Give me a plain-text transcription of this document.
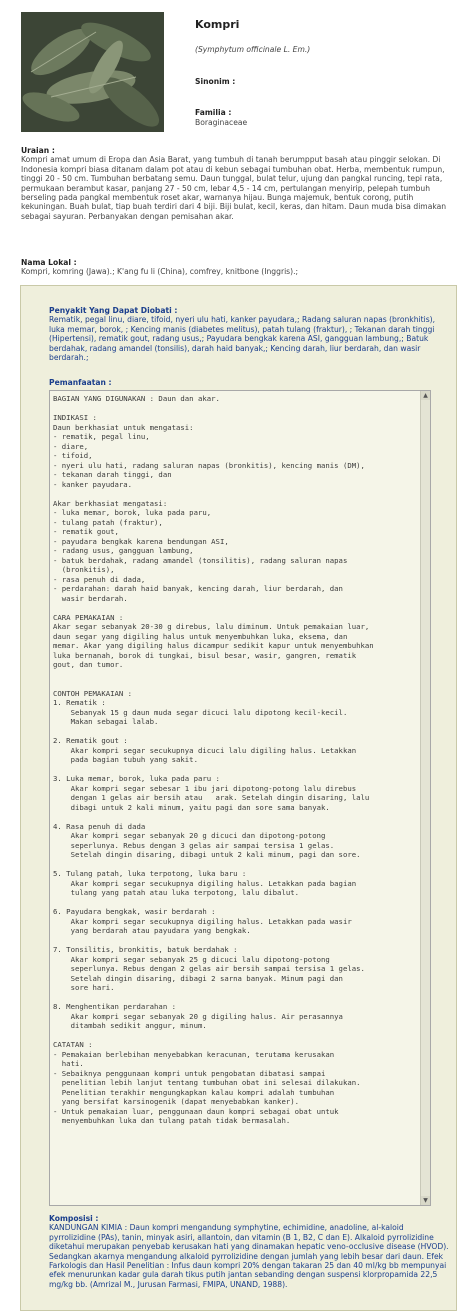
Kompri
(Symphytum officinale L. Em.)
Sinonim :
Familia :
Boraginaceae
Uraian :

Kompri amat umum di Eropa dan Asia Barat, yang tumbuh di tanah berumpput basah atau pinggir selokan. Di Indonesia kompri biasa ditanam dalam pot atau di kebun sebagai tumbuhan obat. Herba, membentuk rumpun, tinggi 20 - 50 cm. Tumbuhan berbatang semu. Daun tunggal, bulat telur, ujung dan pangkal runcing, tepi rata, permukaan berambut kasar, panjang 27 - 50 cm, lebar 4,5 - 14 cm, pertulangan menyirip, pelepah tumbuh berseling pada pangkal membentuk roset akar, warnanya hijau. Bunga majemuk, bentuk corong, putih kekuningan. Buah bulat, tiap buah terdiri dari 4 biji. Biji bulat, kecil, keras, dan hitam. Daun muda bisa dimakan sebagai sayuran. Perbanyakan dengan pemisahan akar.

Nama Lokal :

Kompri, komring (Jawa).; K'ang fu li (China), comfrey, knitbone (Inggris).;

Penyakit Yang Dapat Diobati :

Rematik, pegal linu, diare, tifoid, nyeri ulu hati, kanker payudara,; Radang saluran napas (bronkhitis), luka memar, borok, ; Kencing manis (diabetes melitus), patah tulang (fraktur), ; Tekanan darah tinggi (Hipertensi), rematik gout, radang usus,; Payudara bengkak karena ASI, gangguan lambung,; Batuk berdahak, radang amandel (tonsilis), darah haid banyak,; Kencing darah, liur berdarah, dan wasir berdarah.;

Pemanfaatan :
BAGIAN YANG DIGUNAKAN : Daun dan akar.

INDIKASI :
Daun berkhasiat untuk mengatasi:
- rematik, pegal linu,
- diare,
- tifoid,
- nyeri ulu hati, radang saluran napas (bronkitis), kencing manis (DM),
- tekanan darah tinggi, dan
- kanker payudara.

Akar berkhasiat mengatasi:
- luka memar, borok, luka pada paru,
- tulang patah (fraktur),
- rematik gout,
- payudara bengkak karena bendungan ASI,
- radang usus, gangguan lambung,
- batuk berdahak, radang amandel (tonsilitis), radang saluran napas
(bronkitis),
- rasa penuh di dada,
- perdarahan: darah haid banyak, kencing darah, liur berdarah, dan
wasir berdarah.

CARA PEMAKAIAN :
Akar segar sebanyak 20-30 g direbus, lalu diminum. Untuk pemakaian luar,
daun segar yang digiling halus untuk menyembuhkan luka, eksema, dan
memar. Akar yang digiling halus dicampur sedikit kapur untuk menyembuhkan
luka bernanah, borok di tungkai, bisul besar, wasir, gangren, rematik
gout, dan tumor.

CONTOH PEMAKAIAN :
1. Rematik :
Sebanyak 15 g daun muda segar dicuci lalu dipotong kecil-kecil.
Makan sebagai lalab.

2. Rematik gout :
Akar kompri segar secukupnya dicuci lalu digiling halus. Letakkan
pada bagian tubuh yang sakit.

3. Luka memar, borok, luka pada paru :
Akar kompri segar sebesar 1 ibu jari dipotong-potong lalu direbus
dengan 1 gelas air bersih atau   arak. Setelah dingin disaring, lalu
dibagi untuk 2 kali minum, yaitu pagi dan sore sama banyak.

4. Rasa penuh di dada
Akar kompri segar sebanyak 20 g dicuci dan dipotong-potong
seperlunya. Rebus dengan 3 gelas air sampai tersisa 1 gelas.
Setelah dingin disaring, dibagi untuk 2 kali minum, pagi dan sore.

5. Tulang patah, luka terpotong, luka baru :
Akar kompri segar secukupnya digiling halus. Letakkan pada bagian
tulang yang patah atau luka terpotong, lalu dibalut.

6. Payudara bengkak, wasir berdarah :
Akar kompri segar secukupnya digiling halus. Letakkan pada wasir
yang berdarah atau payudara yang bengkak.

7. Tonsilitis, bronkitis, batuk berdahak :
Akar kompri segar sebanyak 25 g dicuci lalu dipotong-potong
seperlunya. Rebus dengan 2 gelas air bersih sampai tersisa 1 gelas.
Setelah dingin disaring, dibagi 2 sarna banyak. Minum pagi dan
sore hari.

8. Menghentikan perdarahan :
Akar kompri segar sebanyak 20 g digiling halus. Air perasannya
ditambah sedikit anggur, minum.

CATATAN :
- Pemakaian berlebihan menyebabkan keracunan, terutama kerusakan
hati.
- Sebaiknya penggunaan kompri untuk pengobatan dibatasi sampai
penelitian lebih lanjut tentang tumbuhan obat ini selesai dilakukan.
Penelitian terakhir mengungkapkan kalau kompri adalah tumbuhan
yang bersifat karsinogenik (dapat menyebabkan kanker).
- Untuk pemakaian luar, penggunaan daun kompri sebagai obat untuk
menyembuhkan luka dan tulang patah tidak bermasalah.
▲
▼
Komposisi :

KANDUNGAN KIMIA : Daun kompri mengandung symphytine, echimidine, anadoline, al-kaloid pyrrolizidine (PAs), tanin, minyak asiri, allantoin, dan vitamin (B 1, B2, C dan E). Alkaloid pyrrolizidine diketahui merupakan penyebab kerusakan hati yang dinamakan hepatic veno-occlusive disease (HVOD). Sedangkan akarnya mengandung alkaloid pyrrolizidine dengan jumlah yang lebih besar dari daun. Efek Farkologis dan Hasil Penelitian : Infus daun kompri 20% dengan takaran 25 dan 40 ml/kg bb mempunyai efek menurunkan kadar gula darah tikus putih jantan sebanding dengan suspensi klorpropamida 22,5 mg/kg bb. (Amrizal M., Jurusan Farmasi, FMIPA, UNAND, 1988).
